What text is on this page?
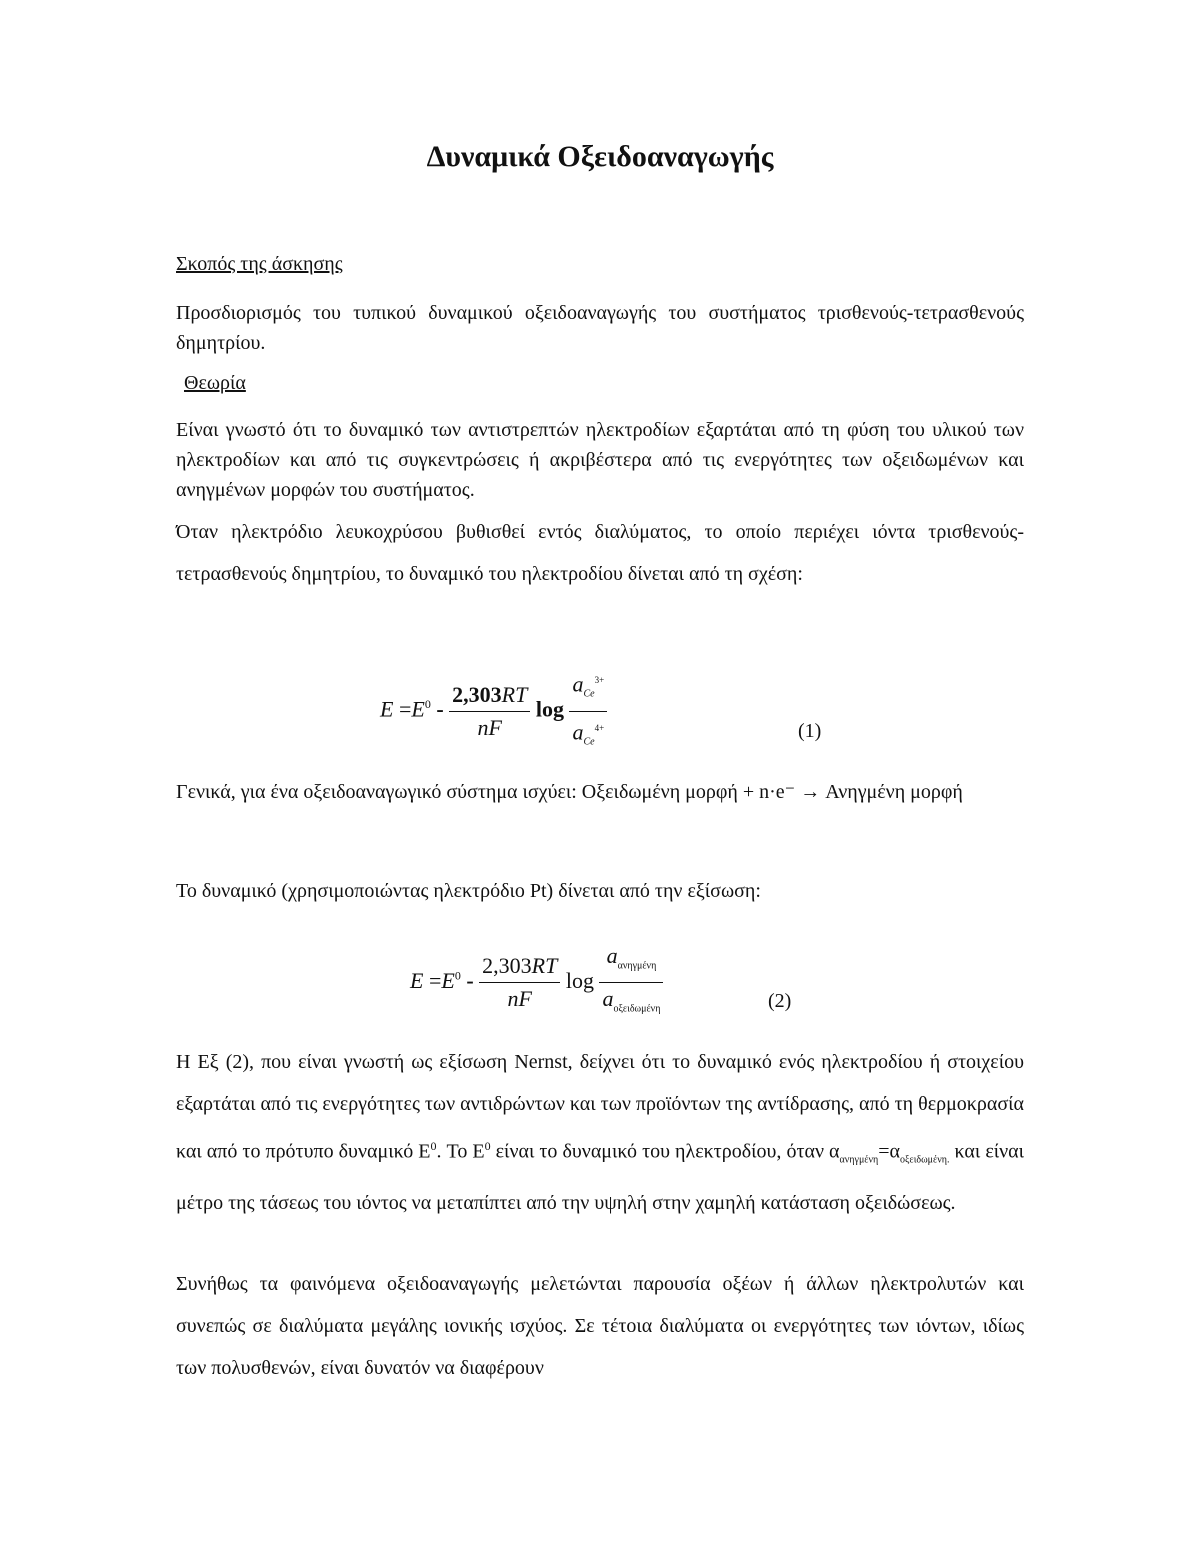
Δυναμικά Οξειδοαναγωγής
Σκοπός της άσκησης
Προσδιορισμός του τυπικού δυναμικού οξειδοαναγωγής του συστήματος τρισθενούς-τετρασθενούς δημητρίου.
Θεωρία
Είναι γνωστό ότι το δυναμικό των αντιστρεπτών ηλεκτροδίων εξαρτάται από τη φύση του υλικού των ηλεκτροδίων και από τις συγκεντρώσεις ή ακριβέστερα από τις ενεργότητες των οξειδωμένων και ανηγμένων μορφών του συστήματος.
Όταν ηλεκτρόδιο λευκοχρύσου βυθισθεί εντός διαλύματος, το οποίο περιέχει ιόντα τρισθενούς-τετρασθενούς δημητρίου, το δυναμικό του ηλεκτροδίου δίνεται από τη σχέση:
$E =E^0 - \frac{2,303RT}{nF}$ $\log \frac{a_{Ce}^{3+}}{a_{Ce}^{4+}}$	(1)
Γενικά, για ένα οξειδοαναγωγικό σύστημα ισχύει: Οξειδωμένη μορφή + n·e⁻ → Ανηγμένη μορφή
Το δυναμικό (χρησιμοποιώντας ηλεκτρόδιο Pt) δίνεται από την εξίσωση:
$E =E^0 - \frac{2,303RT}{nF}$ $\log \frac{a_{\alpha\nu\eta\gamma\mu έ\nu\eta}}{a_{o\xi\varepsilon\iota\delta\omega\mu έ\nu\eta}}$	(2)
Η Εξ (2), που είναι γνωστή ως εξίσωση Nernst, δείχνει ότι το δυναμικό ενός ηλεκτροδίου ή στοιχείου εξαρτάται από τις ενεργότητες των αντιδρώντων και των προϊόντων της αντίδρασης, από τη θερμοκρασία και από το πρότυπο δυναμικό $E^0$. Το $E^0$ είναι το δυναμικό του ηλεκτροδίου, όταν $\alpha_{\alpha\nu\eta\gamma\mu έ\nu\eta}=\alpha_{o\xi\varepsilon\iota\delta\omega\mu έ\nu\eta.}$ και είναι μέτρο της τάσεως του ιόντος να μεταπίπτει από την υψηλή στην χαμηλή κατάσταση οξειδώσεως.
Συνήθως τα φαινόμενα οξειδοαναγωγής μελετώνται παρουσία οξέων ή άλλων ηλεκτρολυτών και συνεπώς σε διαλύματα μεγάλης ιονικής ισχύος. Σε τέτοια διαλύματα οι ενεργότητες των ιόντων, ιδίως των πολυσθενών, είναι δυνατόν να διαφέρουν
